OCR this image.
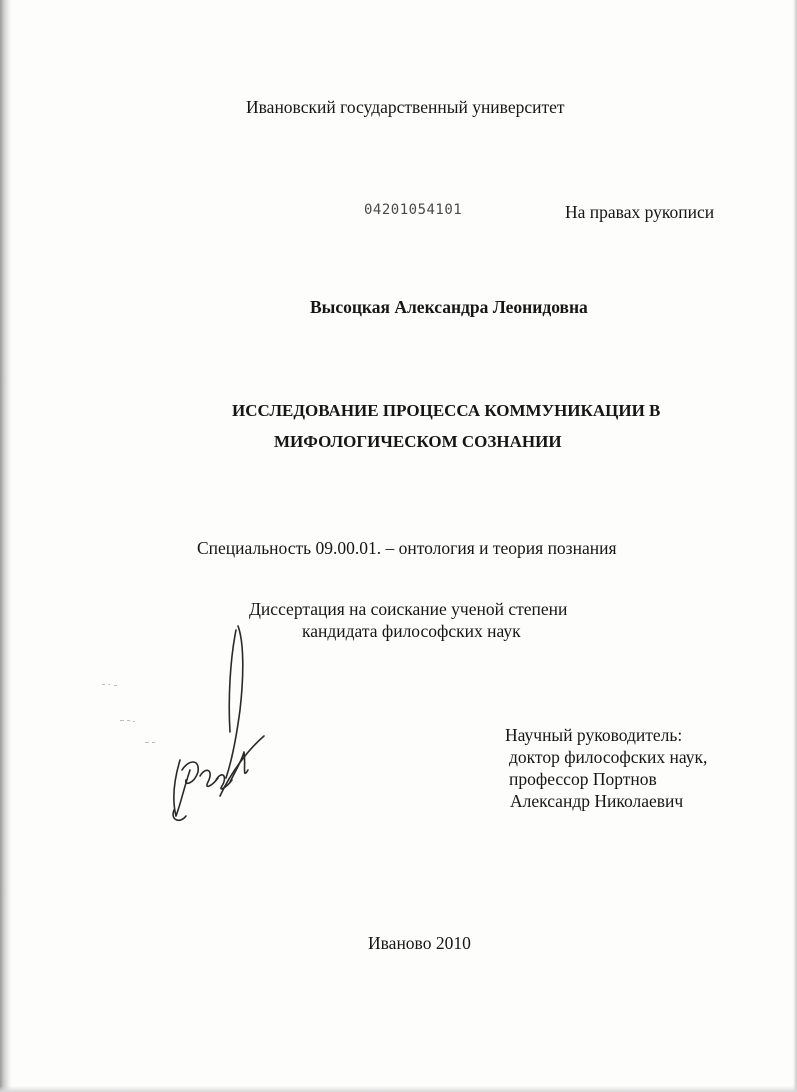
Ивановский государственный университет
04201054101	На правах рукописи
Высоцкая Александра Леонидовна
ИССЛЕДОВАНИЕ ПРОЦЕССА КОММУНИКАЦИИ В
МИФОЛОГИЧЕСКОМ СОЗНАНИИ
Специальность 09.00.01. – онтология и теория познания
Диссертация на соискание ученой степени
кандидата философских наук
Научный руководитель:
доктор философских наук,
профессор Портнов
Александр Николаевич
Иваново 2010
